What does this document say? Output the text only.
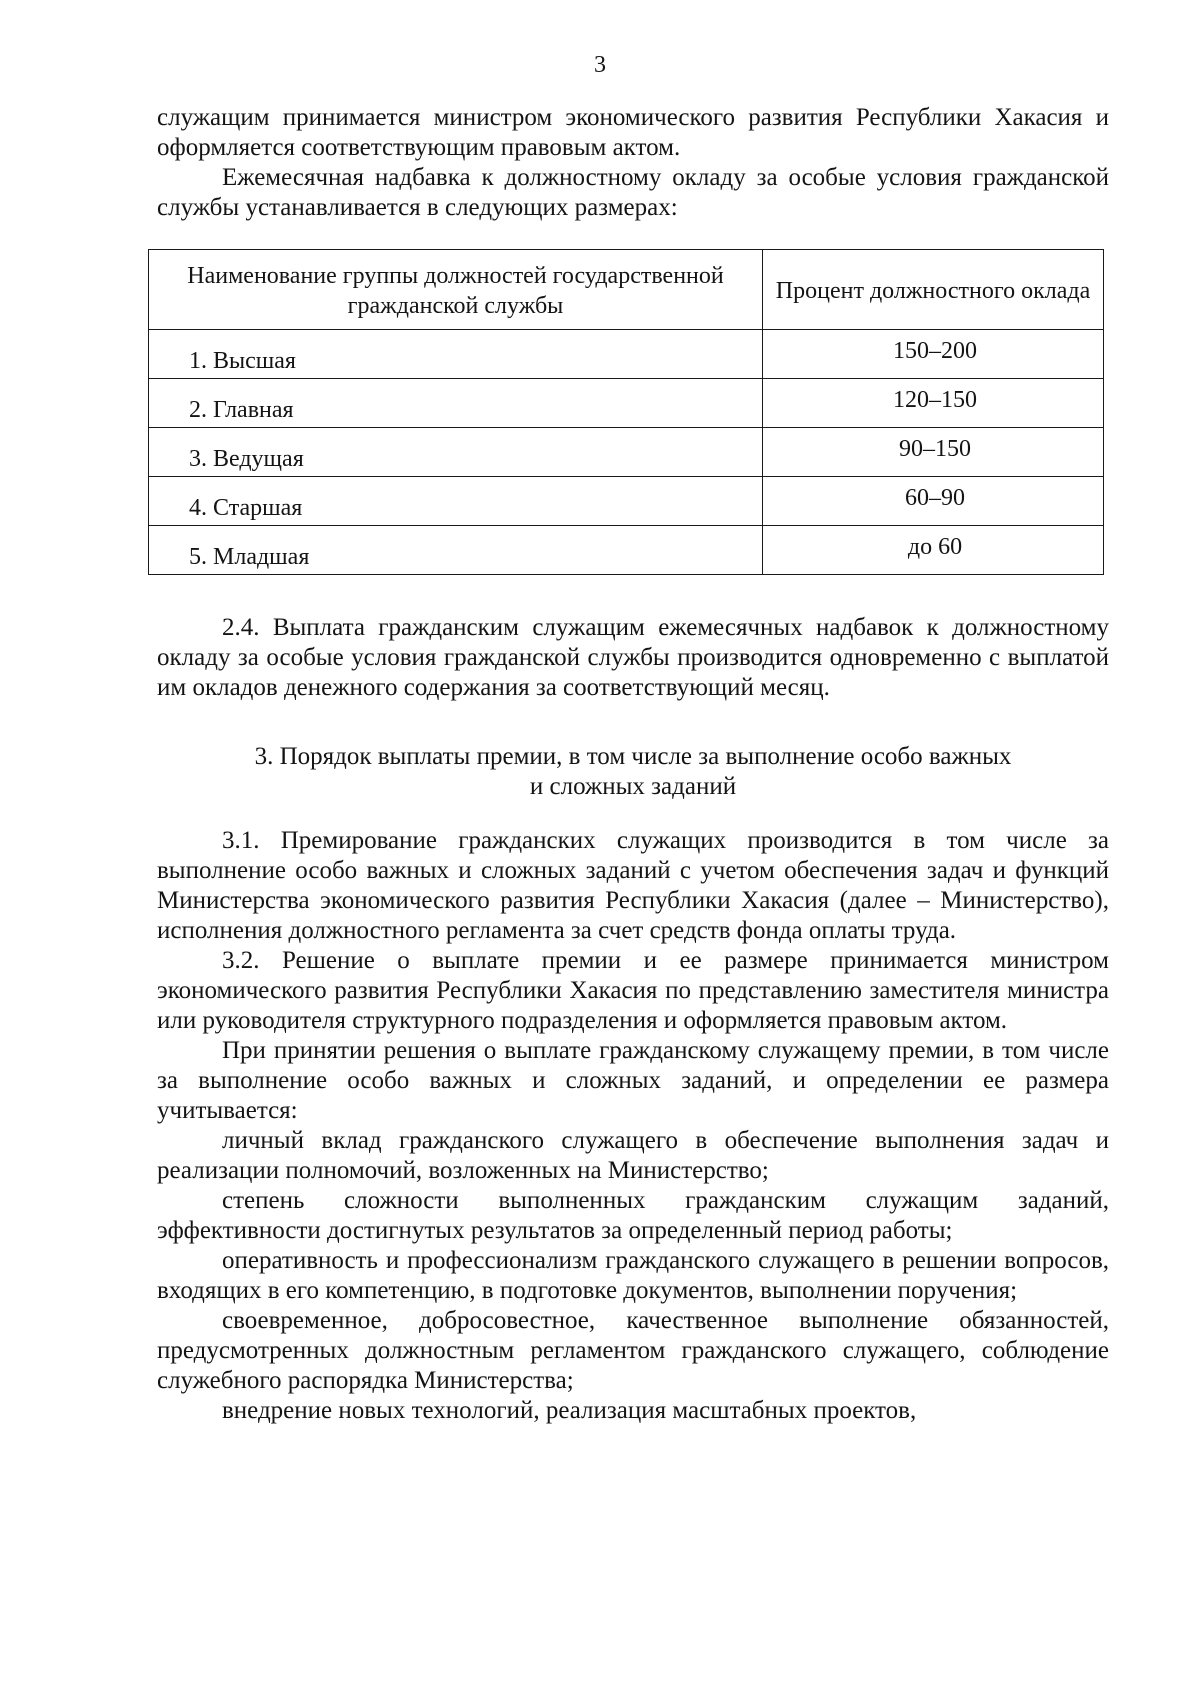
3

служащим принимается министром экономического развития Республики Хакасия и оформляется соответствующим правовым актом.

Ежемесячная надбавка к должностному окладу за особые условия гражданской службы устанавливается в следующих размерах:

Наименование группы должностей государственной гражданской службы	Процент должностного оклада
1. Высшая	150–200
2. Главная	120–150
3. Ведущая	90–150
4. Старшая	60–90
5. Младшая	до 60

2.4. Выплата гражданским служащим ежемесячных надбавок к должностному окладу за особые условия гражданской службы производится одновременно с выплатой им окладов денежного содержания за соответствующий месяц.

3. Порядок выплаты премии, в том числе за выполнение особо важных

и сложных заданий

3.1. Премирование гражданских служащих производится в том числе за выполнение особо важных и сложных заданий с учетом обеспечения задач и функций Министерства экономического развития Республики Хакасия (далее – Министерство), исполнения должностного регламента за счет средств фонда оплаты труда.

3.2. Решение о выплате премии и ее размере принимается министром экономического развития Республики Хакасия по представлению заместителя министра или руководителя структурного подразделения и оформляется правовым актом.

При принятии решения о выплате гражданскому служащему премии, в том числе за выполнение особо важных и сложных заданий, и определении ее размера учитывается:

личный вклад гражданского служащего в обеспечение выполнения задач и реализации полномочий, возложенных на Министерство;

степень сложности выполненных гражданским служащим заданий, эффективности достигнутых результатов за определенный период работы;

оперативность и профессионализм гражданского служащего в решении вопросов, входящих в его компетенцию, в подготовке документов, выполнении поручения;

своевременное, добросовестное, качественное выполнение обязанностей, предусмотренных должностным регламентом гражданского служащего, соблюдение служебного распорядка Министерства;

внедрение новых технологий, реализация масштабных проектов,
